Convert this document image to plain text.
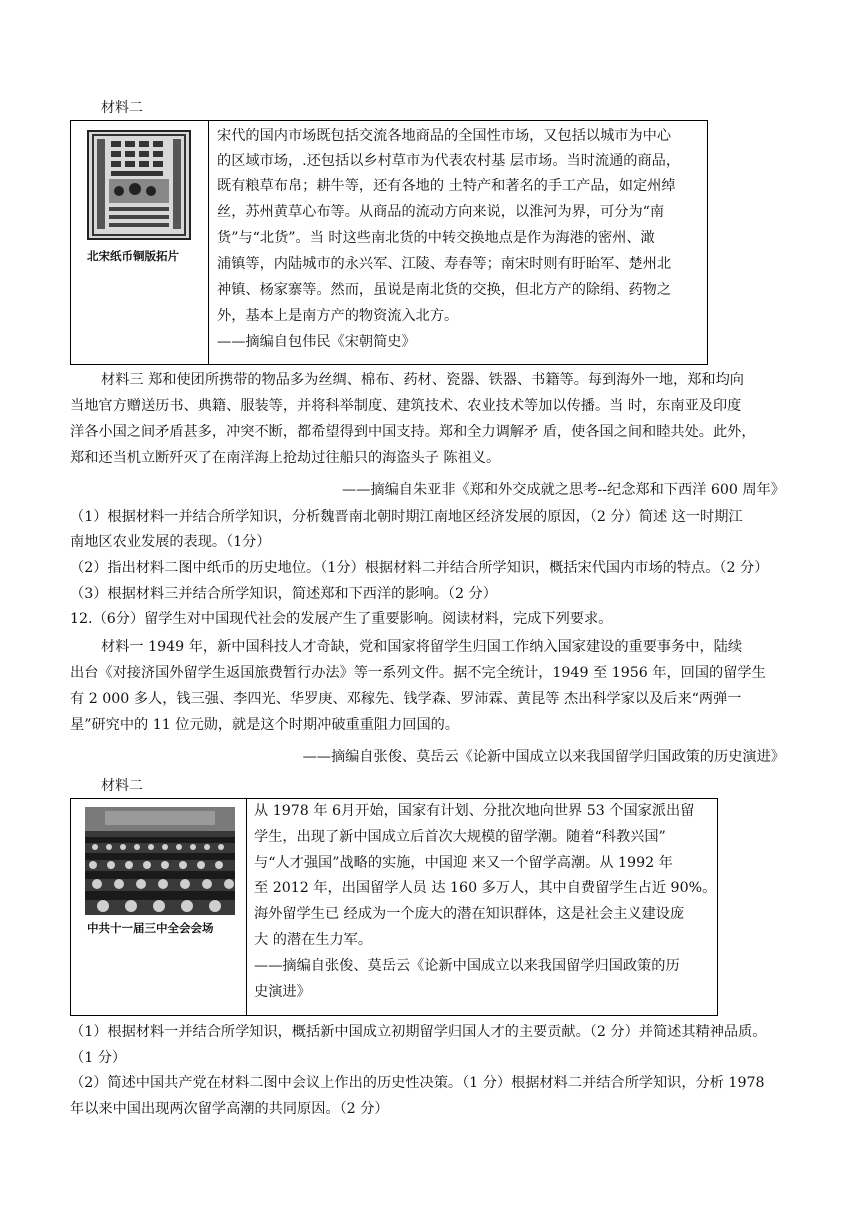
材料二
北宋纸币铜版拓片
宋代的国内市场既包括交流各地商品的全国性市场，又包括以城市为中心
的区域市场，.还包括以乡村草市为代表农村基 层市场。当时流通的商品，
既有粮草布帛；耕牛等，还有各地的 土特产和著名的手工产品，如定州绰
丝，苏州黄草心布等。从商品的流动方向来说，以淮河为界，可分为“南
货”与“北货”。当 时这些南北货的中转交换地点是作为海港的密州、澉
浦镇等，内陆城市的永兴军、江陵、寿春等；南宋时则有盱眙军、楚州北
神镇、杨家寨等。然而，虽说是南北货的交换，但北方产的除绢、药物之
外，基本上是南方产的物资流入北方。
——摘编自包伟民《宋朝简史》
材料三 郑和使团所携带的物品多为丝绸、棉布、药材、瓷器、铁器、书籍等。每到海外一地，郑和均向
当地官方赠送历书、典籍、服装等，并将科举制度、建筑技术、农业技术等加以传播。当 时，东南亚及印度
洋各小国之间矛盾甚多，冲突不断，都希望得到中国支持。郑和全力调解矛 盾，使各国之间和睦共处。此外，
郑和还当机立断歼灭了在南洋海上抢劫过往船只的海盗头子 陈祖义。
——摘编自朱亚非《郑和外交成就之思考--纪念郑和下西洋 600 周年》
（1）根据材料一并结合所学知识，分析魏晋南北朝时期江南地区经济发展的原因，（2 分）简述 这一时期江
南地区农业发展的表现。（1分）
（2）指出材料二图中纸币的历史地位。（1分）根据材料二并结合所学知识，概括宋代国内市场的特点。（2 分）
（3）根据材料三并结合所学知识，简述郑和下西洋的影响。（2 分）
12.（6分）留学生对中国现代社会的发展产生了重要影响。阅读材料，完成下列要求。
材料一 1949 年，新中国科技人才奇缺，党和国家将留学生归国工作纳入国家建设的重要事务中，陆续
出台《对接济国外留学生返国旅费暂行办法》等一系列文件。据不完全统计，1949 至 1956 年，回国的留学生
有 2 000 多人，钱三强、李四光、华罗庚、邓稼先、钱学森、罗沛霖、黄昆等 杰出科学家以及后来“两弹一
星”研究中的 11 位元勋，就是这个时期冲破重重阻力回国的。
——摘编自张俊、莫岳云《论新中国成立以来我国留学归国政策的历史演进》
材料二
中共十一届三中全会会场
从 1978 年 6月开始，国家有计划、分批次地向世界 53 个国家派出留
学生，出现了新中国成立后首次大规模的留学潮。随着“科教兴国”
与“人才强国”战略的实施，中国迎 来又一个留学高潮。从 1992 年
至 2012 年，出国留学人员 达 160 多万人，其中自费留学生占近 90%。
海外留学生已 经成为一个庞大的潜在知识群体，这是社会主义建设庞
大 的潜在生力军。
——摘编自张俊、莫岳云《论新中国成立以来我国留学归国政策的历
史演进》
（1）根据材料一并结合所学知识，概括新中国成立初期留学归国人才的主要贡献。（2 分）并简述其精神品质。
（1 分）
（2）简述中国共产党在材料二图中会议上作出的历史性决策。（1 分）根据材料二并结合所学知识，分析 1978
年以来中国出现两次留学高潮的共同原因。（2 分）
